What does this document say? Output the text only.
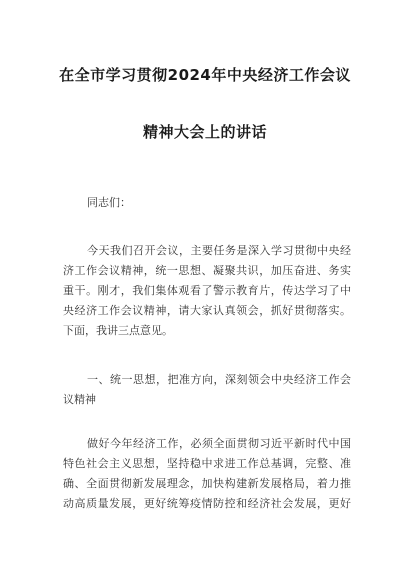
在全市学习贯彻2024年中央经济工作会议
精神大会上的讲话
同志们：
今天我们召开会议，主要任务是深入学习贯彻中央经
济工作会议精神，统一思想、凝聚共识，加压奋进、务实
重干。刚才，我们集体观看了警示教育片，传达学习了中
央经济工作会议精神，请大家认真领会，抓好贯彻落实。
下面，我讲三点意见。
一、统一思想，把准方向，深刻领会中央经济工作会
议精神
做好今年经济工作，必须全面贯彻习近平新时代中国
特色社会主义思想，坚持稳中求进工作总基调，完整、准
确、全面贯彻新发展理念，加快构建新发展格局，着力推
动高质量发展，更好统筹疫情防控和经济社会发展，更好
